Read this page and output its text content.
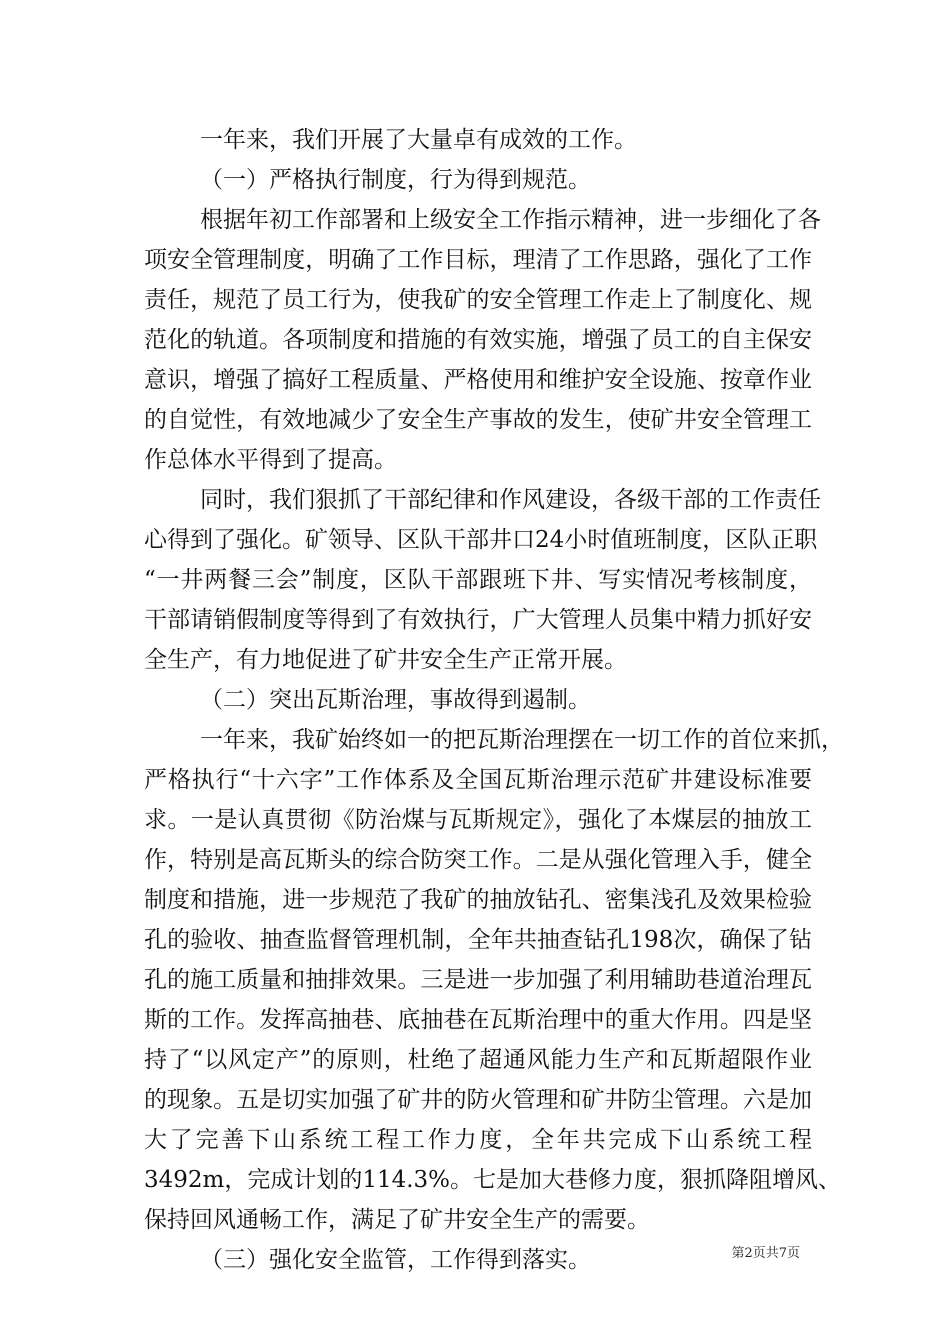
一年来，我们开展了大量卓有成效的工作。
（一）严格执行制度，行为得到规范。
根据年初工作部署和上级安全工作指示精神，进一步细化了各
项安全管理制度，明确了工作目标，理清了工作思路，强化了工作
责任，规范了员工行为，使我矿的安全管理工作走上了制度化、规
范化的轨道。各项制度和措施的有效实施，增强了员工的自主保安
意识，增强了搞好工程质量、严格使用和维护安全设施、按章作业
的自觉性，有效地减少了安全生产事故的发生，使矿井安全管理工
作总体水平得到了提高。
同时，我们狠抓了干部纪律和作风建设，各级干部的工作责任
心得到了强化。矿领导、区队干部井口24小时值班制度，区队正职
“一井两餐三会”制度，区队干部跟班下井、写实情况考核制度，
干部请销假制度等得到了有效执行，广大管理人员集中精力抓好安
全生产，有力地促进了矿井安全生产正常开展。
（二）突出瓦斯治理，事故得到遏制。
一年来，我矿始终如一的把瓦斯治理摆在一切工作的首位来抓，
严格执行“十六字”工作体系及全国瓦斯治理示范矿井建设标准要
求。一是认真贯彻《防治煤与瓦斯规定》，强化了本煤层的抽放工
作，特别是高瓦斯头的综合防突工作。二是从强化管理入手，健全
制度和措施，进一步规范了我矿的抽放钻孔、密集浅孔及效果检验
孔的验收、抽查监督管理机制，全年共抽查钻孔198次，确保了钻
孔的施工质量和抽排效果。三是进一步加强了利用辅助巷道治理瓦
斯的工作。发挥高抽巷、底抽巷在瓦斯治理中的重大作用。四是坚
持了“以风定产”的原则，杜绝了超通风能力生产和瓦斯超限作业
的现象。五是切实加强了矿井的防火管理和矿井防尘管理。六是加
大了完善下山系统工程工作力度，全年共完成下山系统工程
3492m，完成计划的114.3%。七是加大巷修力度，狠抓降阻增风、
保持回风通畅工作，满足了矿井安全生产的需要。
（三）强化安全监管，工作得到落实。	第2页共7页
